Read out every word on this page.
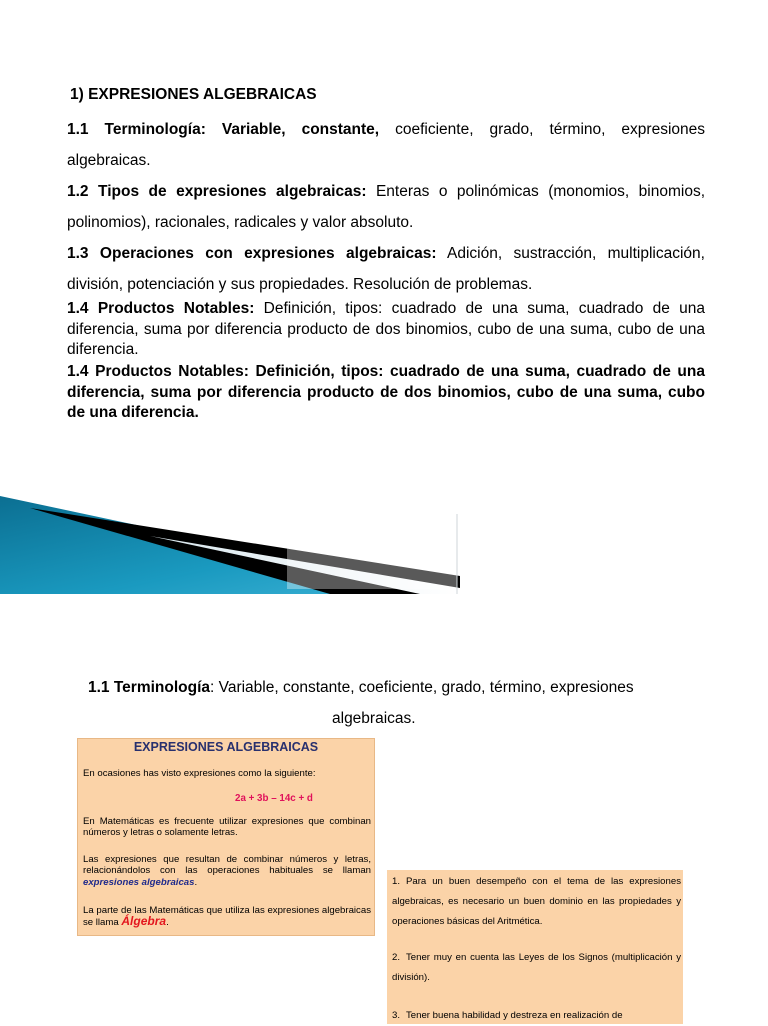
1) EXPRESIONES ALGEBRAICAS

1.1 Terminología: Variable, constante, coeficiente, grado, término, expresiones algebraicas.

1.2 Tipos de expresiones algebraicas: Enteras o polinómicas (monomios, binomios, polinomios), racionales, radicales y valor absoluto.

1.3 Operaciones con expresiones algebraicas: Adición, sustracción, multiplicación, división, potenciación y sus propiedades. Resolución de problemas.

1.4 Productos Notables: Definición, tipos: cuadrado de una suma, cuadrado de una diferencia, suma por diferencia producto de dos binomios, cubo de una suma, cubo de una diferencia.

1.4 Productos Notables: Definición, tipos: cuadrado de una suma, cuadrado de una diferencia, suma por diferencia producto de dos binomios, cubo de una suma, cubo de una diferencia.

1.1 Terminología: Variable, constante, coeficiente, grado, término, expresiones
algebraicas.
EXPRESIONES ALGEBRAICAS
En ocasiones has visto expresiones como la siguiente:
2a + 3b – 14c + d
En Matemáticas es frecuente utilizar expresiones que combinan números y letras o solamente letras.
Las expresiones que resultan de combinar números y letras, relacionándolos con las operaciones habituales se llaman expresiones algebraicas.
La parte de las Matemáticas que utiliza las expresiones algebraicas se llama Álgebra.
1. Para un buen desempeño con el tema de las expresiones algebraicas, es necesario un buen dominio en las propiedades y operaciones básicas del Aritmética.
2. Tener muy en cuenta las Leyes de los Signos (multiplicación y división).
3. Tener buena habilidad y destreza en realización de
